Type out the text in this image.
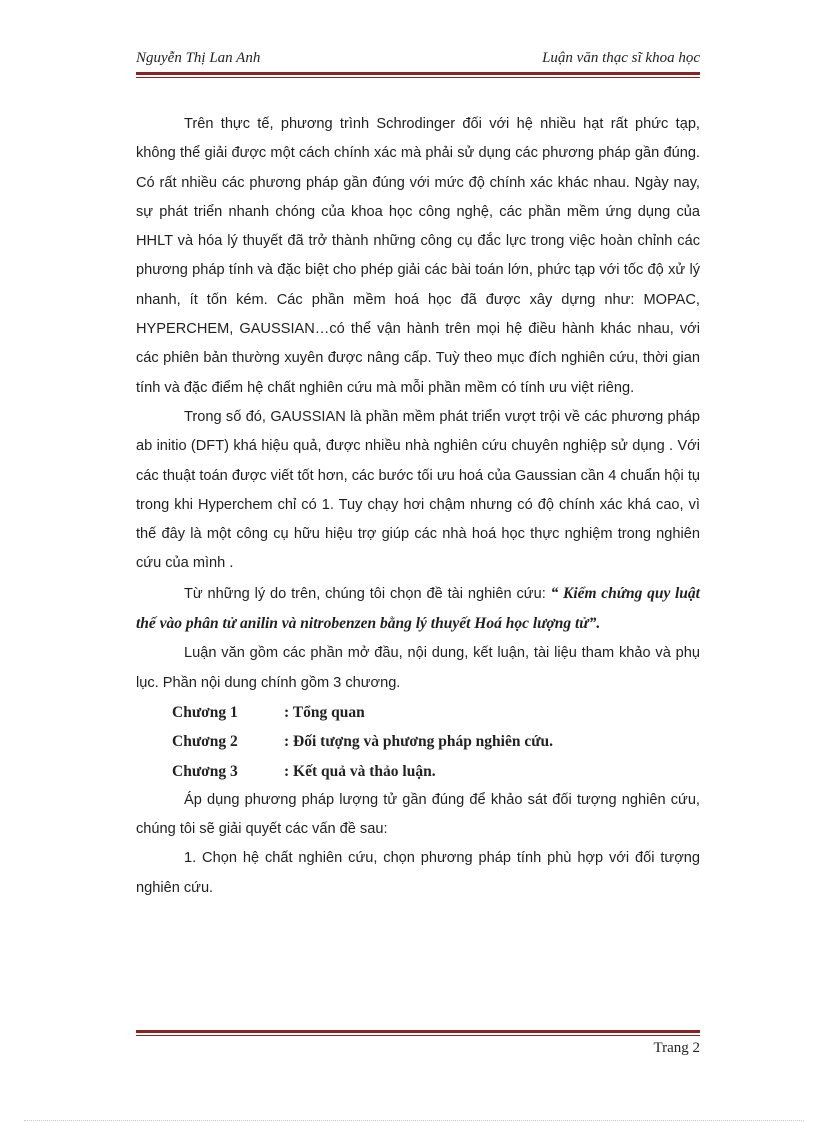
Nguyễn Thị Lan Anh	Luận văn thạc sĩ khoa học

Trên thực tế, phương trình Schrodinger đối với hệ nhiều hạt rất phức tạp, không thể giải được một cách chính xác mà phải sử dụng các phương pháp gần đúng. Có rất nhiều các phương pháp gần đúng với mức độ chính xác khác nhau. Ngày nay, sự phát triển nhanh chóng của khoa học công nghệ, các phần mềm ứng dụng của HHLT và hóa lý thuyết đã trở thành những công cụ đắc lực trong việc hoàn chỉnh các phương pháp tính và đặc biệt cho phép giải các bài toán lớn, phức tạp với tốc độ xử lý nhanh, ít tốn kém. Các phần mềm hoá học đã được xây dựng như: MOPAC, HYPERCHEM, GAUSSIAN…có thể vận hành trên mọi hệ điều hành khác nhau, với các phiên bản thường xuyên được nâng cấp. Tuỳ theo mục đích nghiên cứu, thời gian tính và đặc điểm hệ chất nghiên cứu mà mỗi phần mềm có tính ưu việt riêng.

Trong số đó, GAUSSIAN là phần mềm phát triển vượt trội về các phương pháp ab initio (DFT) khá hiệu quả, được nhiều nhà nghiên cứu chuyên nghiệp sử dụng . Với các thuật toán được viết tốt hơn, các bước tối ưu hoá của Gaussian cần 4 chuẩn hội tụ trong khi Hyperchem chỉ có 1. Tuy chạy hơi chậm nhưng có độ chính xác khá cao, vì thế đây là một công cụ hữu hiệu trợ giúp các nhà hoá học thực nghiệm trong nghiên cứu của mình .

Từ những lý do trên, chúng tôi chọn đề tài nghiên cứu: “ Kiểm chứng quy luật thế vào phân tử anilin và nitrobenzen bằng lý thuyết Hoá học lượng tử”.

Luận văn gồm các phần mở đầu, nội dung, kết luận, tài liệu tham khảo và phụ lục. Phần nội dung chính gồm 3 chương.

Chương 1	: Tổng quan
Chương 2	: Đối tượng và phương pháp nghiên cứu.
Chương 3	: Kết quả và thảo luận.

Áp dụng phương pháp lượng tử gần đúng để khảo sát đối tượng nghiên cứu, chúng tôi sẽ giải quyết các vấn đề sau:

1. Chọn hệ chất nghiên cứu, chọn phương pháp tính phù hợp với đối tượng nghiên cứu.

Trang 2
